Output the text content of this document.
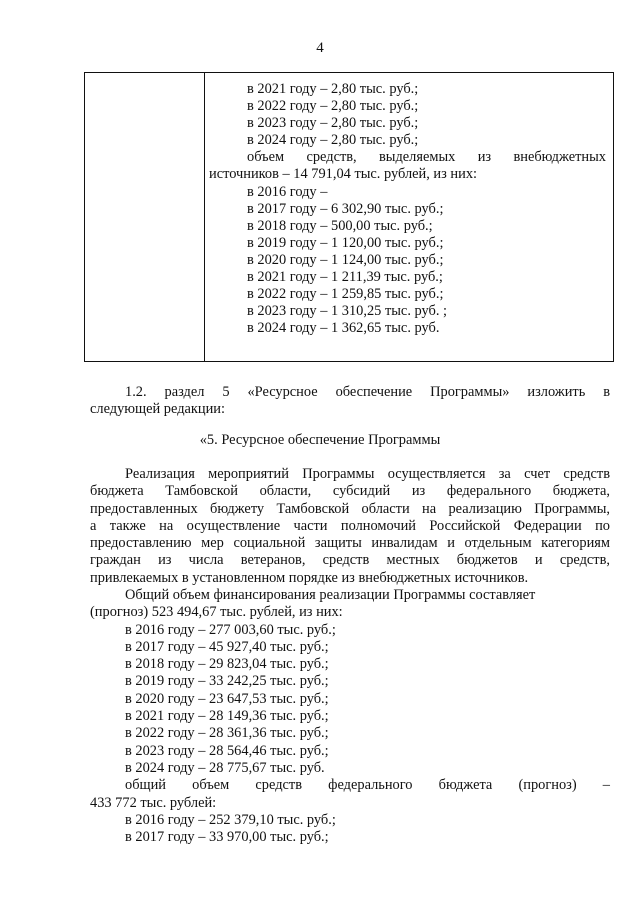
4
в 2021 году – 2,80 тыс. руб.;
в 2022 году – 2,80 тыс. руб.;
в 2023 году – 2,80 тыс. руб.;
в 2024 году – 2,80 тыс. руб.;
объем средств, выделяемых из внебюджетных
источников – 14 791,04 тыс. рублей, из них:
в 2016 году –
в 2017 году – 6 302,90 тыс. руб.;
в 2018 году – 500,00 тыс. руб.;
в 2019 году – 1 120,00 тыс. руб.;
в 2020 году – 1 124,00 тыс. руб.;
в 2021 году – 1 211,39 тыс. руб.;
в 2022 году – 1 259,85 тыс. руб.;
в 2023 году – 1 310,25 тыс. руб. ;
в 2024 году – 1 362,65 тыс. руб.
1.2. раздел 5 «Ресурсное обеспечение Программы» изложить в
следующей редакции:
«5. Ресурсное обеспечение Программы
Реализация мероприятий Программы осуществляется за счет средств
бюджета Тамбовской области, субсидий из федерального бюджета,
предоставленных бюджету Тамбовской области на реализацию Программы,
а также на осуществление части полномочий Российской Федерации по
предоставлению мер социальной защиты инвалидам и отдельным категориям
граждан из числа ветеранов, средств местных бюджетов и средств,
привлекаемых в установленном порядке из внебюджетных источников.
Общий объем финансирования реализации Программы составляет
(прогноз) 523 494,67 тыс. рублей, из них:
в 2016 году – 277 003,60 тыс. руб.;
в 2017 году – 45 927,40 тыс. руб.;
в 2018 году – 29 823,04 тыс. руб.;
в 2019 году – 33 242,25 тыс. руб.;
в 2020 году – 23 647,53 тыс. руб.;
в 2021 году – 28 149,36 тыс. руб.;
в 2022 году – 28 361,36 тыс. руб.;
в 2023 году – 28 564,46 тыс. руб.;
в 2024 году – 28 775,67 тыс. руб.
общий объем средств федерального бюджета (прогноз) –
433 772 тыс. рублей:
в 2016 году – 252 379,10 тыс. руб.;
в 2017 году – 33 970,00 тыс. руб.;
